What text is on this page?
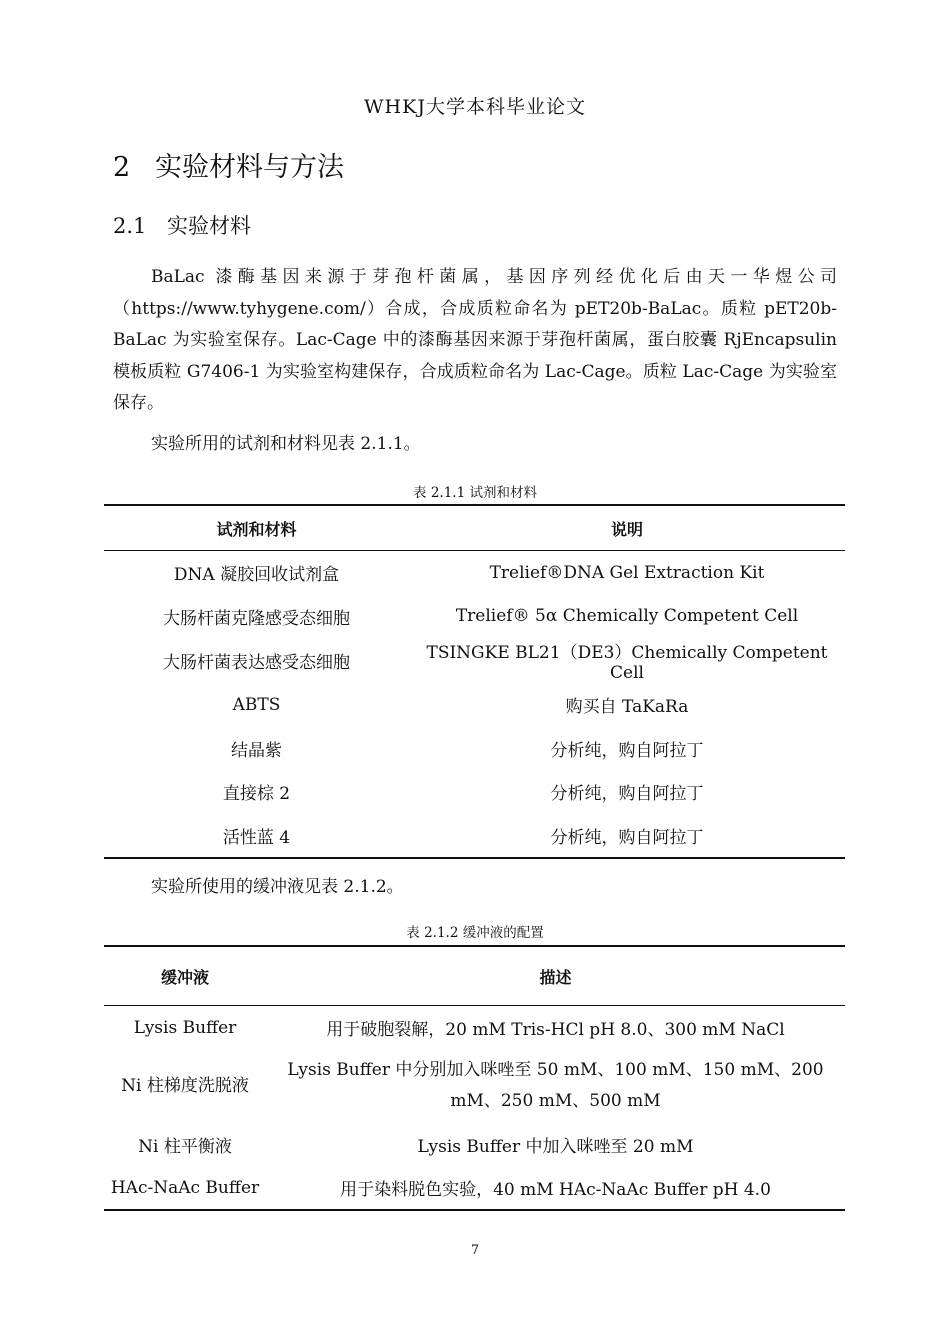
WHKJ大学本科毕业论文
2 实验材料与方法
2.1 实验材料

BaLac 漆酶基因来源于芽孢杆菌属，基因序列经优化后由天一华煜公司（https://www.tyhygene.com/）合成，合成质粒命名为 pET20b-BaLac。质粒 pET20b-BaLac 为实验室保存。Lac-Cage 中的漆酶基因来源于芽孢杆菌属，蛋白胶囊 RjEncapsulin 模板质粒 G7406-1 为实验室构建保存，合成质粒命名为 Lac-Cage。质粒 Lac-Cage 为实验室保存。

实验所用的试剂和材料见表 2.1.1。

表 2.1.1 试剂和材料
试剂和材料	说明
DNA 凝胶回收试剂盒	Trelief®DNA Gel Extraction Kit
大肠杆菌克隆感受态细胞	Trelief® 5α Chemically Competent Cell
大肠杆菌表达感受态细胞	TSINGKE BL21（DE3）Chemically Competent Cell
ABTS	购买自 TaKaRa
结晶紫	分析纯，购自阿拉丁
直接棕 2	分析纯，购自阿拉丁
活性蓝 4	分析纯，购自阿拉丁

实验所使用的缓冲液见表 2.1.2。

表 2.1.2 缓冲液的配置
缓冲液	描述
Lysis Buffer	用于破胞裂解，20 mM Tris-HCl pH 8.0、300 mM NaCl
Ni 柱梯度洗脱液	Lysis Buffer 中分别加入咪唑至 50 mM、100 mM、150 mM、200 mM、250 mM、500 mM
Ni 柱平衡液	Lysis Buffer 中加入咪唑至 20 mM
HAc-NaAc Buffer	用于染料脱色实验，40 mM HAc-NaAc Buffer pH 4.0
7
